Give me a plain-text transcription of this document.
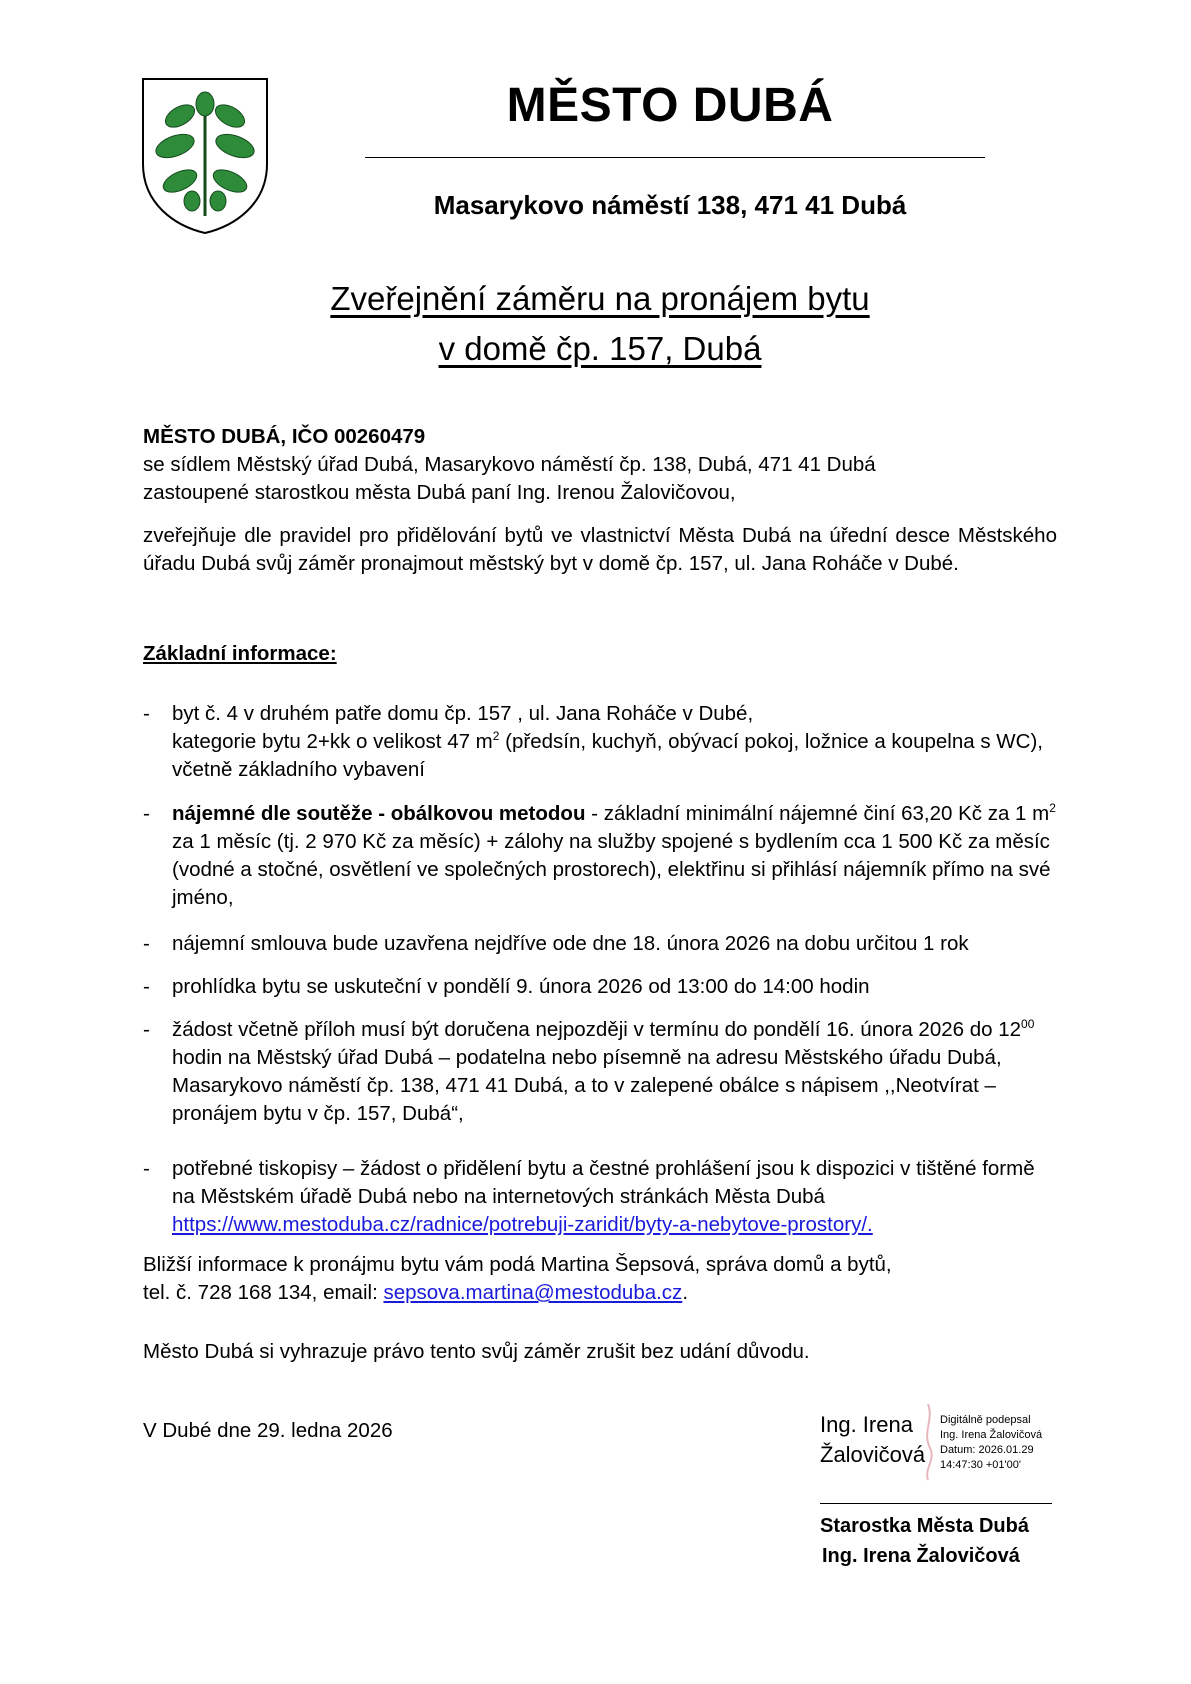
MĚSTO DUBÁ
Masarykovo náměstí 138, 471 41 Dubá
Zveřejnění záměru na pronájem bytu
v domě čp. 157, Dubá
MĚSTO DUBÁ, IČO 00260479
se sídlem Městský úřad Dubá, Masarykovo náměstí čp. 138, Dubá, 471 41 Dubá
zastoupené starostkou města Dubá paní Ing. Irenou Žalovičovou,
zveřejňuje dle pravidel pro přidělování bytů ve vlastnictví Města Dubá na úřední desce Městského úřadu Dubá svůj záměr pronajmout městský byt v domě čp. 157, ul. Jana Roháče v Dubé.
Základní informace:
- byt č. 4 v druhém patře domu čp. 157 , ul. Jana Roháče v Dubé,
kategorie bytu 2+kk o velikost 47 $m^2$ (předsín, kuchyň, obývací pokoj, ložnice a koupelna s WC), včetně základního vybavení
- nájemné dle soutěže - obálkovou metodou - základní minimální nájemné činí 63,20 Kč za 1 $m^2$ za 1 měsíc (tj. 2 970 Kč za měsíc) + zálohy na služby spojené s bydlením cca 1 500 Kč za měsíc (vodné a stočné, osvětlení ve společných prostorech), elektřinu si přihlásí nájemník přímo na své jméno,
- nájemní smlouva bude uzavřena nejdříve ode dne 18. února 2026 na dobu určitou 1 rok
- prohlídka bytu se uskuteční v pondělí 9. února 2026 od 13:00 do 14:00 hodin
- žádost včetně příloh musí být doručena nejpozději v termínu do pondělí 16. února 2026 do $12^{00}$ hodin na Městský úřad Dubá – podatelna nebo písemně na adresu Městského úřadu Dubá, Masarykovo náměstí čp. 138, 471 41 Dubá, a to v zalepené obálce s nápisem ,,Neotvírat – pronájem bytu v čp. 157, Dubá“,
- potřebné tiskopisy – žádost o přidělení bytu a čestné prohlášení jsou k dispozici v tištěné formě na Městském úřadě Dubá nebo na internetových stránkách Města Dubá https://www.mestoduba.cz/radnice/potrebuji-zaridit/byty-a-nebytove-prostory/.
Bližší informace k pronájmu bytu vám podá Martina Šepsová, správa domů a bytů,
tel. č. 728 168 134, email: sepsova.martina@mestoduba.cz.
Město Dubá si vyhrazuje právo tento svůj záměr zrušit bez udání důvodu.
V Dubé dne 29. ledna 2026	Ing. Irena
Žalovičová
Digitálně podepsal
Ing. Irena Žalovičová
Datum: 2026.01.29
14:47:30 +01'00'
Starostka Města Dubá
Ing. Irena Žalovičová
